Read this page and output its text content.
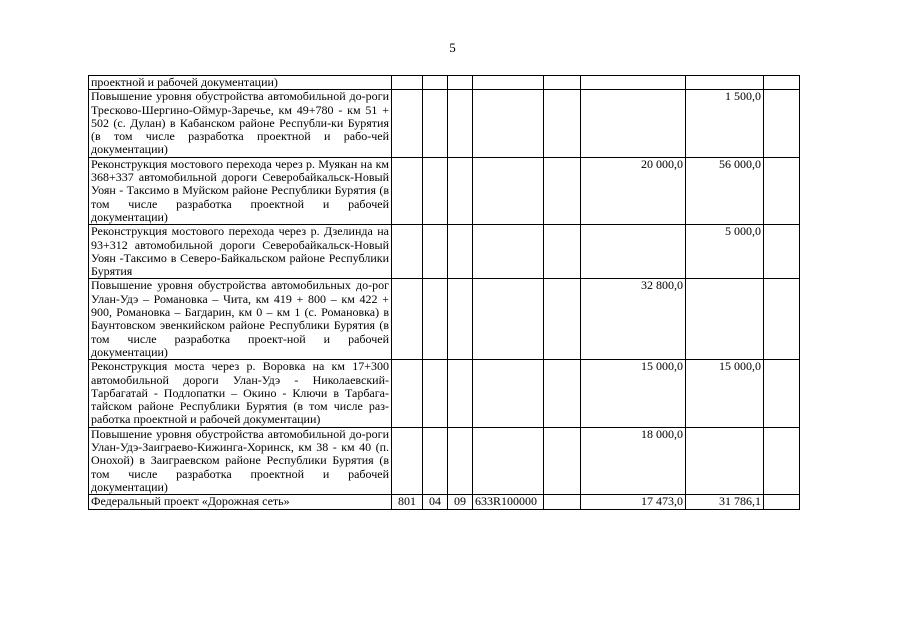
5
проектной и рабочей документации)								
Повышение уровня обустройства автомобильной до-роги Тресково-Шергино-Оймур-Заречье, км 49+780 - км 51 + 502 (с. Дулан) в Кабанском районе Республи-ки Бурятия (в том числе разработка проектной и рабо-чей документации)							1 500,0	
Реконструкция мостового перехода через р. Муякан на км 368+337 автомобильной дороги Северобайкальск-Новый Уоян - Таксимо в Муйском районе Республики Бурятия (в том числе разработка проектной и рабочей документации)						20 000,0	56 000,0	
Реконструкция мостового перехода через р. Дзелинда на 93+312 автомобильной дороги Северобайкальск-Новый Уоян -Таксимо в Северо-Байкальском районе Республики Бурятия							5 000,0	
Повышение уровня обустройства автомобильных до-рог Улан-Удэ – Романовка – Чита, км 419 + 800 – км 422 + 900, Романовка – Багдарин, км 0 – км 1 (с. Романовка) в Баунтовском эвенкийском районе Республики Бурятия (в том числе разработка проект-ной и рабочей документации)						32 800,0		
Реконструкция моста через р. Воровка на км 17+300 автомобильной дороги Улан-Удэ - Николаевский-Тарбагатай - Подлопатки – Окино - Ключи в Тарбага-тайском районе Республики Бурятия (в том числе раз-работка проектной и рабочей документации)						15 000,0	15 000,0	
Повышение уровня обустройства автомобильной до-роги Улан-Удэ-Заиграево-Кижинга-Хоринск, км 38 - км 40 (п. Онохой) в Заиграевском районе Республики Бурятия (в том числе разработка проектной и рабочей документации)						18 000,0		
Федеральный проект «Дорожная сеть»	801	04	09	633R100000		17 473,0	31 786,1	
